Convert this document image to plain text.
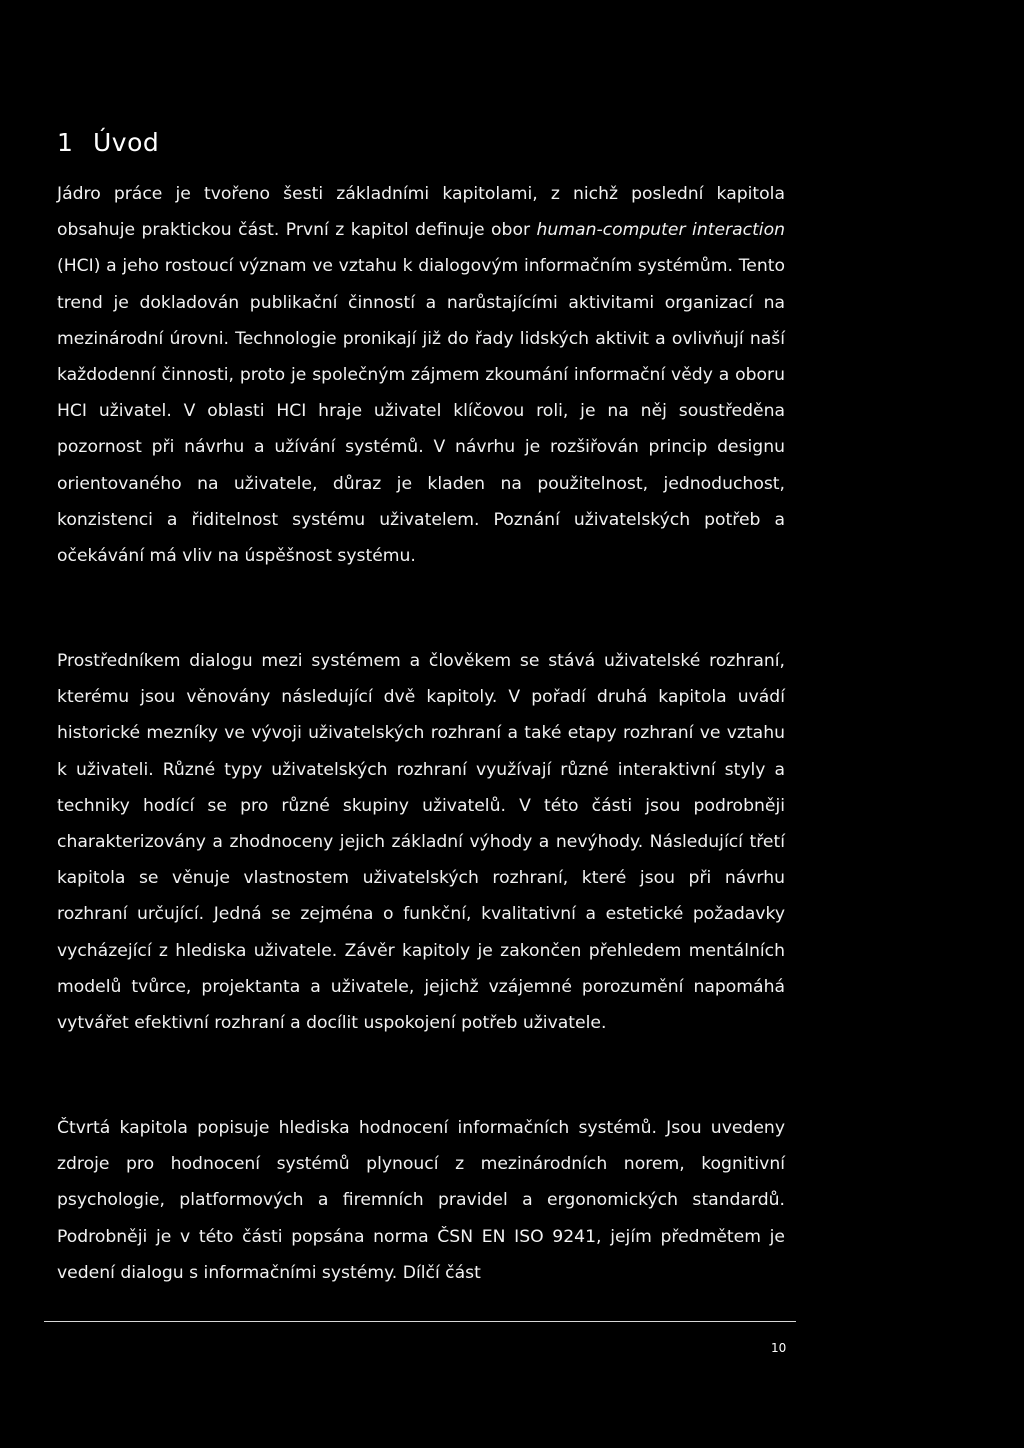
1 Úvod

Jádro práce je tvořeno šesti základními kapitolami, z nichž poslední kapitola obsahuje praktickou část. První z kapitol definuje obor human-computer interaction (HCI) a jeho rostoucí význam ve vztahu k dialogovým informačním systémům. Tento trend je dokladován publikační činností a narůstajícími aktivitami organizací na mezinárodní úrovni. Technologie pronikají již do řady lidských aktivit a ovlivňují naší každodenní činnosti, proto je společným zájmem zkoumání informační vědy a oboru HCI uživatel. V oblasti HCI hraje uživatel klíčovou roli, je na něj soustředěna pozornost při návrhu a užívání systémů. V návrhu je rozšiřován princip designu orientovaného na uživatele, důraz je kladen na použitelnost, jednoduchost, konzistenci a řiditelnost systému uživatelem. Poznání uživatelských potřeb a očekávání má vliv na úspěšnost systému.

Prostředníkem dialogu mezi systémem a člověkem se stává uživatelské rozhraní, kterému jsou věnovány následující dvě kapitoly. V pořadí druhá kapitola uvádí historické mezníky ve vývoji uživatelských rozhraní a také etapy rozhraní ve vztahu k uživateli. Různé typy uživatelských rozhraní využívají různé interaktivní styly a techniky hodící se pro různé skupiny uživatelů. V této části jsou podrobněji charakterizovány a zhodnoceny jejich základní výhody a nevýhody. Následující třetí kapitola se věnuje vlastnostem uživatelských rozhraní, které jsou při návrhu rozhraní určující. Jedná se zejména o funkční, kvalitativní a estetické požadavky vycházející z hlediska uživatele. Závěr kapitoly je zakončen přehledem mentálních modelů tvůrce, projektanta a uživatele, jejichž vzájemné porozumění napomáhá vytvářet efektivní rozhraní a docílit uspokojení potřeb uživatele.

Čtvrtá kapitola popisuje hlediska hodnocení informačních systémů. Jsou uvedeny zdroje pro hodnocení systémů plynoucí z mezinárodních norem, kognitivní psychologie, platformových a firemních pravidel a ergonomických standardů. Podrobněji je v této části popsána norma ČSN EN ISO 9241, jejím předmětem je vedení dialogu s informačními systémy. Dílčí část

10
